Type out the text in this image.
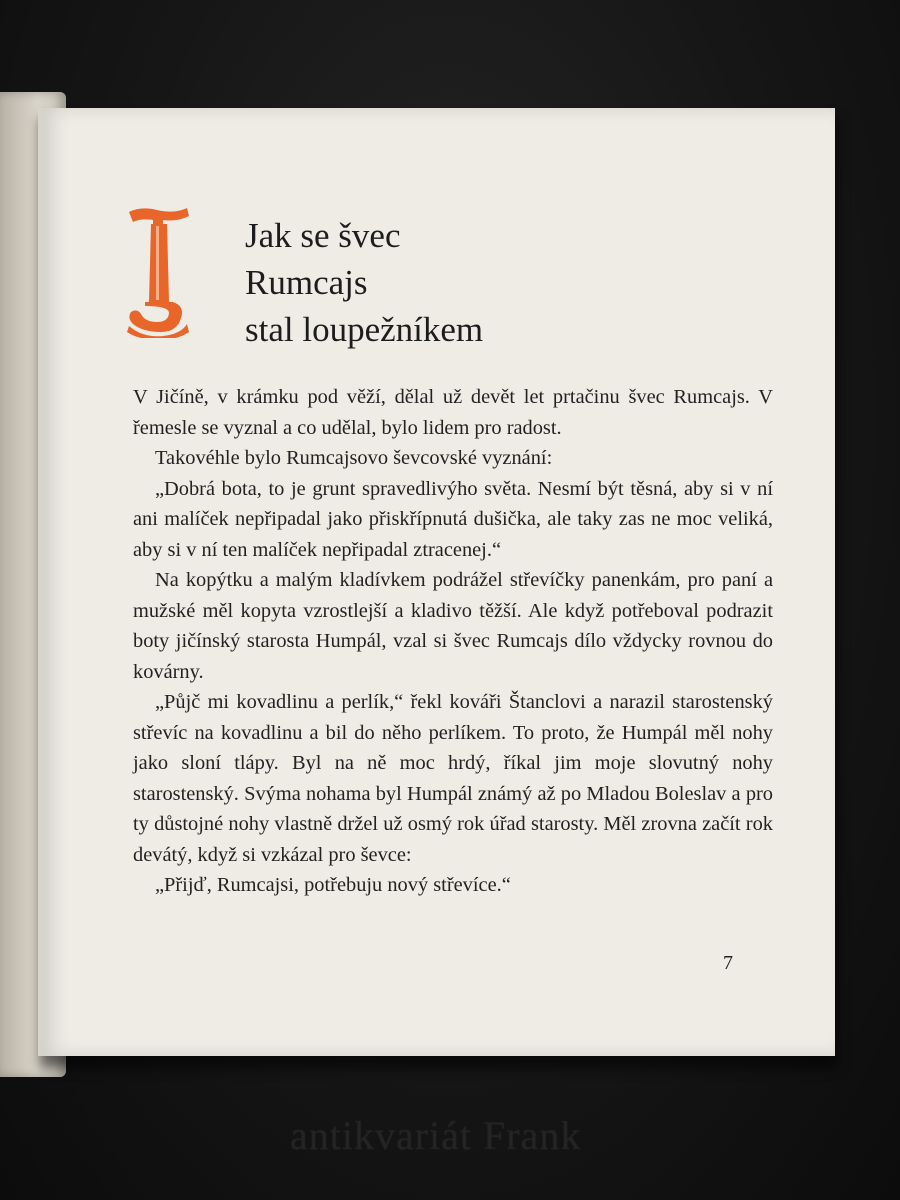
Jak se švec
Rumcajs
stal loupežníkem

V Jičíně, v krámku pod věží, dělal už devět let prtačinu švec Rumcajs. V řemesle se vyznal a co udělal, bylo lidem pro radost.

Takovéhle bylo Rumcajsovo ševcovské vyznání:

„Dobrá bota, to je grunt spravedlivýho světa. Nesmí být těsná, aby si v ní ani malíček nepřipadal jako přiskřípnutá dušička, ale taky zas ne moc veliká, aby si v ní ten malíček nepřipadal ztracenej.“

Na kopýtku a malým kladívkem podrážel střevíčky panenkám, pro paní a mužské měl kopyta vzrostlejší a kladivo těžší. Ale když potřeboval podrazit boty jičínský starosta Humpál, vzal si švec Rumcajs dílo vždycky rovnou do kovárny.

„Půjč mi kovadlinu a perlík,“ řekl kováři Štanclovi a narazil starostenský střevíc na kovadlinu a bil do něho perlíkem. To proto, že Humpál měl nohy jako sloní tlápy. Byl na ně moc hrdý, říkal jim moje slovutný nohy starostenský. Svýma nohama byl Humpál známý až po Mladou Boleslav a pro ty důstojné nohy vlastně držel už osmý rok úřad starosty. Měl zrovna začít rok devátý, když si vzkázal pro ševce:

„Přijď, Rumcajsi, potřebuju nový střevíce.“

7
antikvariát Frank
